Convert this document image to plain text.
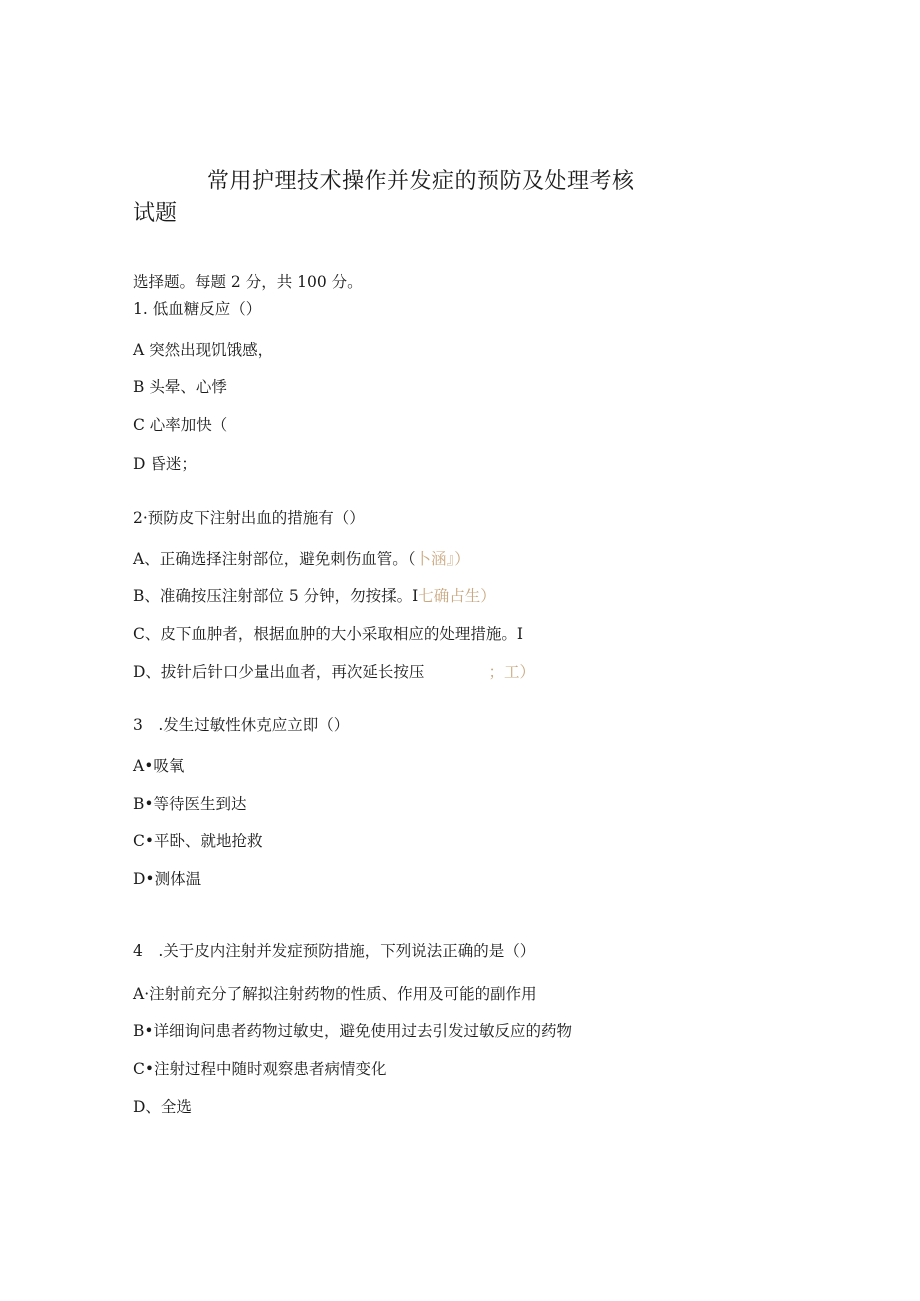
常用护理技术操作并发症的预防及处理考核
试题
选择题。每题 2 分，共 100 分。
1. 低血糖反应（）
A 突然出现饥饿感，
B 头晕、心悸
C 心率加快（
D 昏迷；
2·预防皮下注射出血的措施有（）
A、正确选择注射部位，避免刺伤血管。（卜涵』）
B、准确按压注射部位 5 分钟，勿按揉。I七确占生）
C、皮下血肿者，根据血肿的大小采取相应的处理措施。I
D、拔针后针口少量出血者，再次延长按压	；工）
3　.发生过敏性休克应立即（）
A•吸氧
B•等待医生到达
C•平卧、就地抢救
D•测体温
4　.关于皮内注射并发症预防措施，下列说法正确的是（）
A·注射前充分了解拟注射药物的性质、作用及可能的副作用
B•详细询问患者药物过敏史，避免使用过去引发过敏反应的药物
C•注射过程中随时观察患者病情变化
D、全选
